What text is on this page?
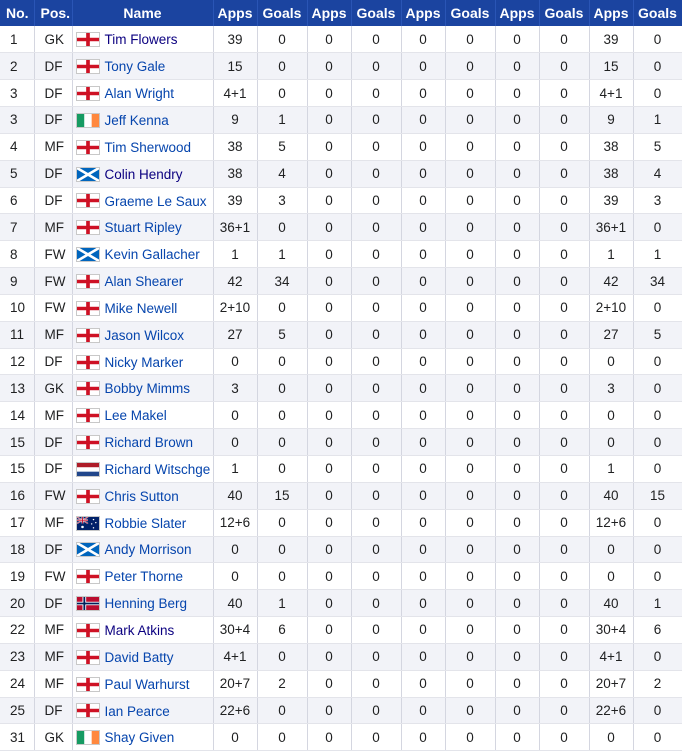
No.	Pos.	Name	Apps	Goals	Apps	Goals	Apps	Goals	Apps	Goals	Apps	Goals
1	GK	Tim Flowers	39	0	0	0	0	0	0	0	39	0
2	DF	Tony Gale	15	0	0	0	0	0	0	0	15	0
3	DF	Alan Wright	4+1	0	0	0	0	0	0	0	4+1	0
3	DF	Jeff Kenna	9	1	0	0	0	0	0	0	9	1
4	MF	Tim Sherwood	38	5	0	0	0	0	0	0	38	5
5	DF	Colin Hendry	38	4	0	0	0	0	0	0	38	4
6	DF	Graeme Le Saux	39	3	0	0	0	0	0	0	39	3
7	MF	Stuart Ripley	36+1	0	0	0	0	0	0	0	36+1	0
8	FW	Kevin Gallacher	1	1	0	0	0	0	0	0	1	1
9	FW	Alan Shearer	42	34	0	0	0	0	0	0	42	34
10	FW	Mike Newell	2+10	0	0	0	0	0	0	0	2+10	0
11	MF	Jason Wilcox	27	5	0	0	0	0	0	0	27	5
12	DF	Nicky Marker	0	0	0	0	0	0	0	0	0	0
13	GK	Bobby Mimms	3	0	0	0	0	0	0	0	3	0
14	MF	Lee Makel	0	0	0	0	0	0	0	0	0	0
15	DF	Richard Brown	0	0	0	0	0	0	0	0	0	0
15	DF	Richard Witschge	1	0	0	0	0	0	0	0	1	0
16	FW	Chris Sutton	40	15	0	0	0	0	0	0	40	15
17	MF	Robbie Slater	12+6	0	0	0	0	0	0	0	12+6	0
18	DF	Andy Morrison	0	0	0	0	0	0	0	0	0	0
19	FW	Peter Thorne	0	0	0	0	0	0	0	0	0	0
20	DF	Henning Berg	40	1	0	0	0	0	0	0	40	1
22	MF	Mark Atkins	30+4	6	0	0	0	0	0	0	30+4	6
23	MF	David Batty	4+1	0	0	0	0	0	0	0	4+1	0
24	MF	Paul Warhurst	20+7	2	0	0	0	0	0	0	20+7	2
25	DF	Ian Pearce	22+6	0	0	0	0	0	0	0	22+6	0
31	GK	Shay Given	0	0	0	0	0	0	0	0	0	0
